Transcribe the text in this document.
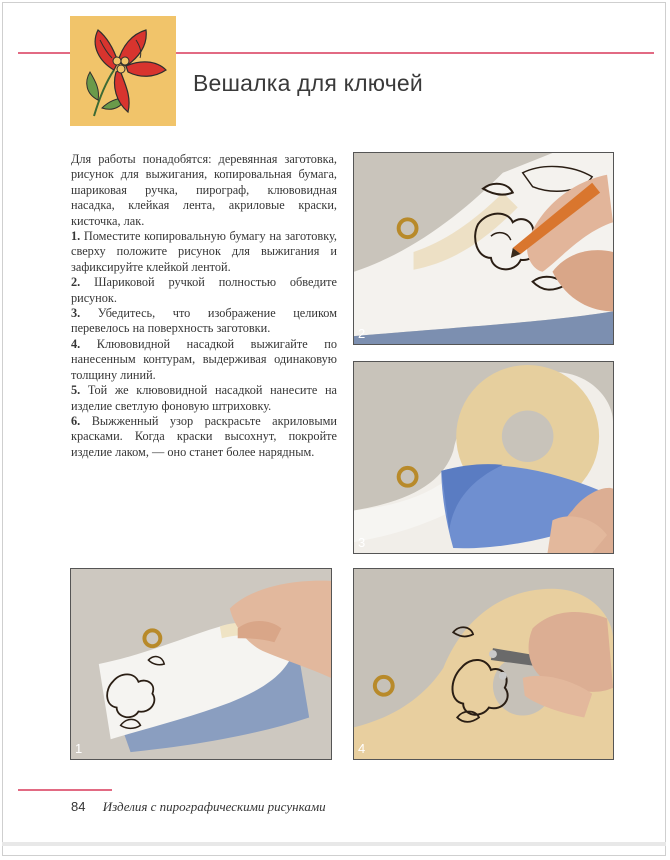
Вешалка для ключей

Для работы понадобятся: деревянная заготовка, рисунок для выжигания, копировальная бумага, шариковая ручка, пирограф, клювовидная насадка, клейкая лента, акриловые краски, кисточка, лак.

1. Поместите копировальную бумагу на заготовку, сверху положите рисунок для выжигания и зафиксируйте клейкой лентой.

2. Шариковой ручкой полностью обведите рисунок.

3. Убедитесь, что изображение целиком перевелось на поверхность заготовки.

4. Клювовидной насадкой выжигайте по нанесенным контурам, выдерживая одинаковую толщину линий.

5. Той же клювовидной насадкой нанесите на изделие светлую фоновую штриховку.

6. Выжженный узор раскрасьте акриловыми красками. Когда краски высохнут, покройте изделие лаком, — оно станет более нарядным.

2
3
1	4
84 Изделия с пирографическими рисунками
